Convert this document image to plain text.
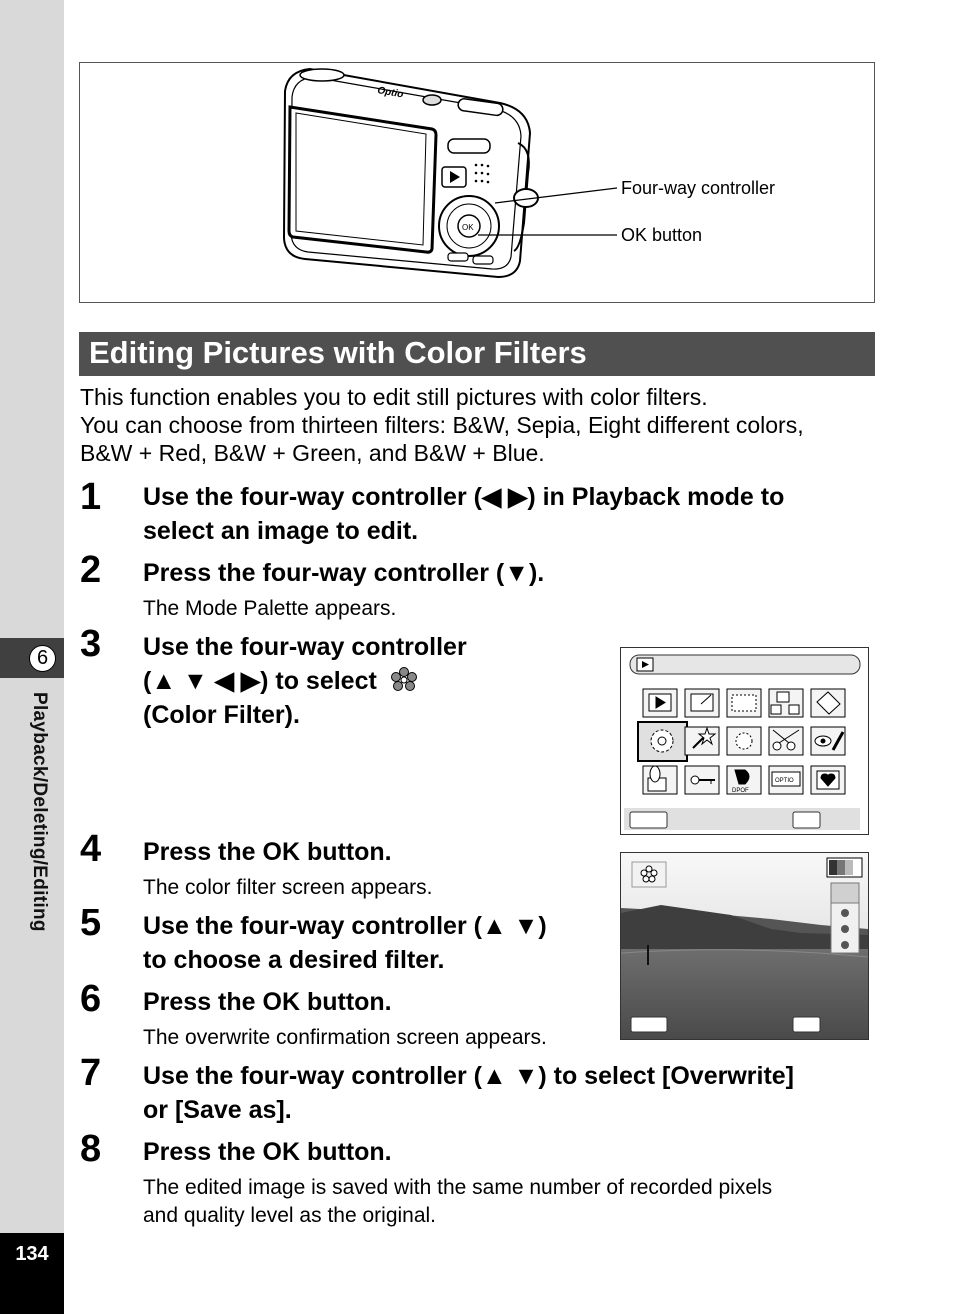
6
Playback/Deleting/Editing
134
Optio
OK
Four-way controller
OK button
Editing Pictures with Color Filters
This function enables you to edit still pictures with color filters.
You can choose from thirteen filters: B&W, Sepia, Eight different colors,
B&W + Red, B&W + Green, and B&W + Blue.
1 Use the four-way controller (◀ ▶) in Playback mode to
select an image to edit.
2 Press the four-way controller (▼).
The Mode Palette appears.
3 Use the four-way controller
(▲ ▼ ◀ ▶) to select
(Color Filter).
DPOF
OPTIO
4 Press the OK button.
The color filter screen appears.
5 Use the four-way controller (▲ ▼)
to choose a desired filter.
6 Press the OK button.
The overwrite confirmation screen appears.
7 Use the four-way controller (▲ ▼) to select [Overwrite]
or [Save as].
8 Press the OK button.
The edited image is saved with the same number of recorded pixels
and quality level as the original.
